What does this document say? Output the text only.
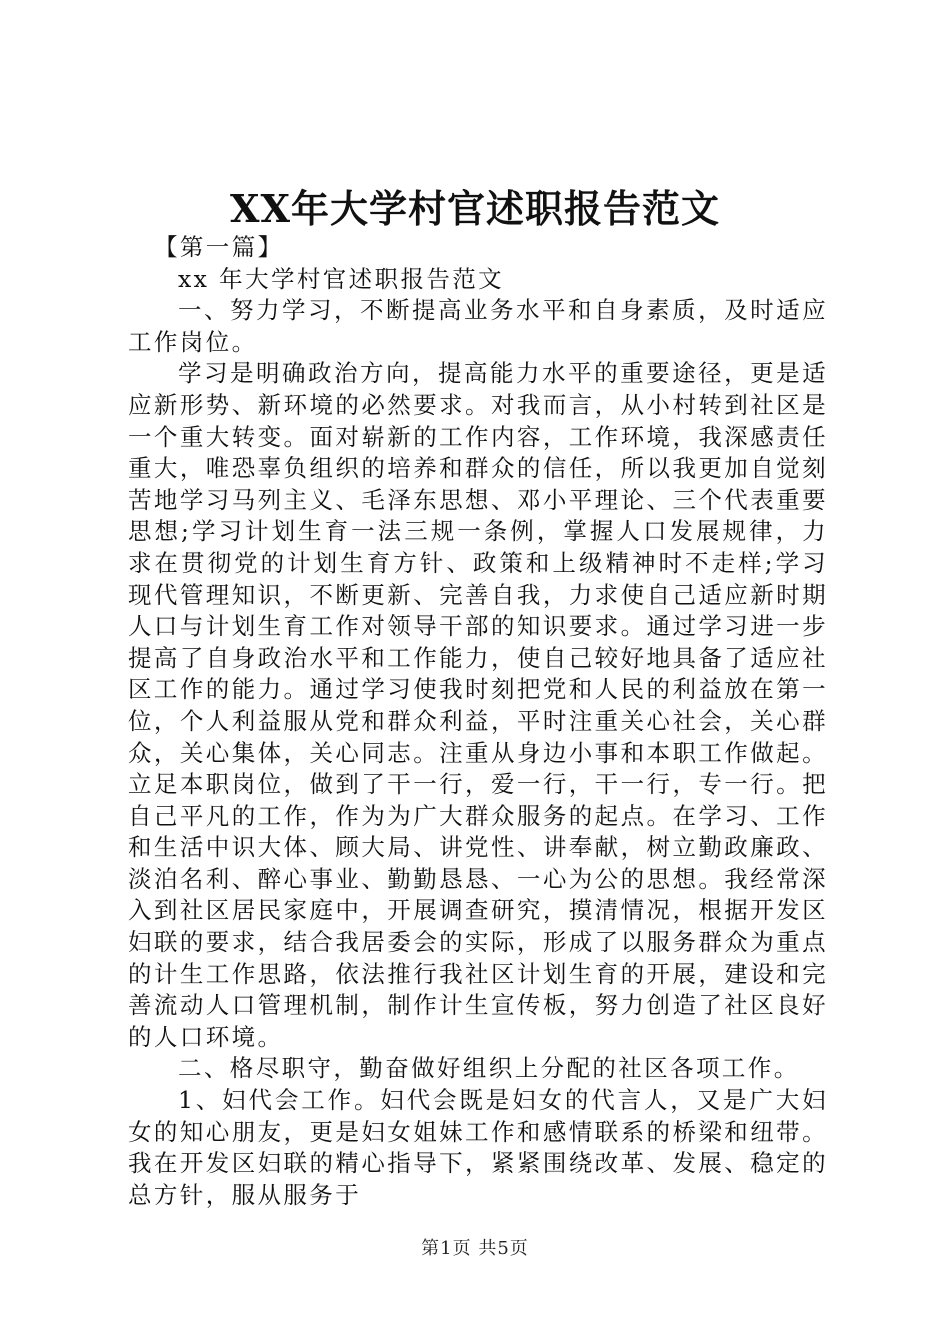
XX年大学村官述职报告范文

【第一篇】

xx 年大学村官述职报告范文

一、努力学习，不断提高业务水平和自身素质，及时适应工作岗位。

学习是明确政治方向，提高能力水平的重要途径，更是适应新形势、新环境的必然要求。对我而言，从小村转到社区是一个重大转变。面对崭新的工作内容，工作环境，我深感责任重大，唯恐辜负组织的培养和群众的信任，所以我更加自觉刻苦地学习马列主义、毛泽东思想、邓小平理论、三个代表重要思想;学习计划生育一法三规一条例，掌握人口发展规律，力求在贯彻党的计划生育方针、政策和上级精神时不走样;学习现代管理知识，不断更新、完善自我，力求使自己适应新时期人口与计划生育工作对领导干部的知识要求。通过学习进一步提高了自身政治水平和工作能力，使自己较好地具备了适应社区工作的能力。通过学习使我时刻把党和人民的利益放在第一位，个人利益服从党和群众利益，平时注重关心社会，关心群众，关心集体，关心同志。注重从身边小事和本职工作做起。立足本职岗位，做到了干一行，爱一行，干一行，专一行。把自己平凡的工作，作为为广大群众服务的起点。在学习、工作和生活中识大体、顾大局、讲党性、讲奉献，树立勤政廉政、淡泊名利、醉心事业、勤勤恳恳、一心为公的思想。我经常深入到社区居民家庭中，开展调查研究，摸清情况，根据开发区妇联的要求，结合我居委会的实际，形成了以服务群众为重点的计生工作思路，依法推行我社区计划生育的开展，建设和完善流动人口管理机制，制作计生宣传板，努力创造了社区良好的人口环境。

二、格尽职守，勤奋做好组织上分配的社区各项工作。

1、妇代会工作。妇代会既是妇女的代言人，又是广大妇女的知心朋友，更是妇女姐妹工作和感情联系的桥梁和纽带。我在开发区妇联的精心指导下，紧紧围绕改革、发展、稳定的总方针，服从服务于

第1页 共5页
